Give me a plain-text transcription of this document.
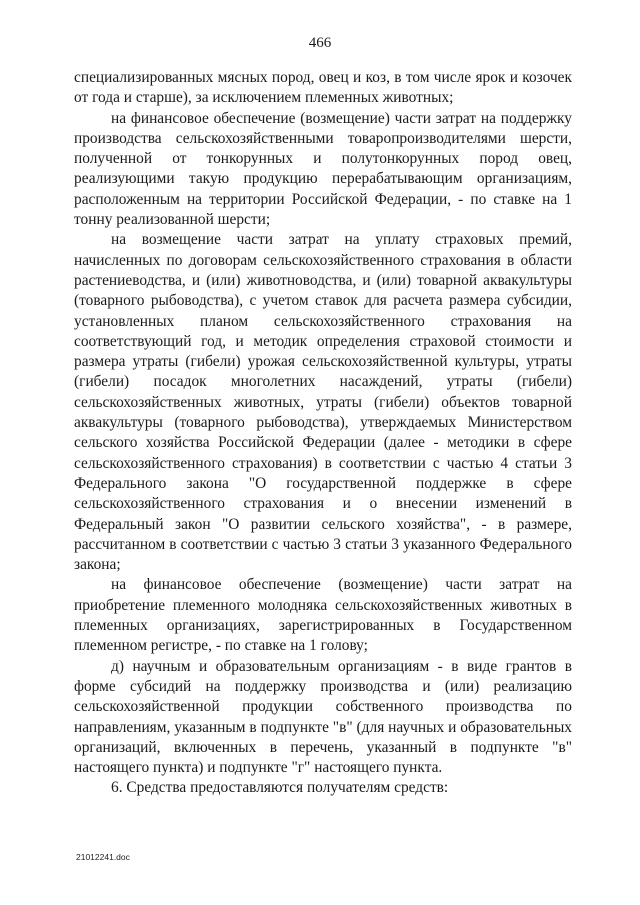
466

специализированных мясных пород, овец и коз, в том числе ярок и козочек от года и старше), за исключением племенных животных;

на финансовое обеспечение (возмещение) части затрат на поддержку производства сельскохозяйственными товаропроизводителями шерсти, полученной от тонкорунных и полутонкорунных пород овец, реализующими такую продукцию перерабатывающим организациям, расположенным на территории Российской Федерации, - по ставке на 1 тонну реализованной шерсти;

на возмещение части затрат на уплату страховых премий, начисленных по договорам сельскохозяйственного страхования в области растениеводства, и (или) животноводства, и (или) товарной аквакультуры (товарного рыбоводства), с учетом ставок для расчета размера субсидии, установленных планом сельскохозяйственного страхования на соответствующий год, и методик определения страховой стоимости и размера утраты (гибели) урожая сельскохозяйственной культуры, утраты (гибели) посадок многолетних насаждений, утраты (гибели) сельскохозяйственных животных, утраты (гибели) объектов товарной аквакультуры (товарного рыбоводства), утверждаемых Министерством сельского хозяйства Российской Федерации (далее - методики в сфере сельскохозяйственного страхования) в соответствии с частью 4 статьи 3 Федерального закона "О государственной поддержке в сфере сельскохозяйственного страхования и о внесении изменений в Федеральный закон "О развитии сельского хозяйства", - в размере, рассчитанном в соответствии с частью 3 статьи 3 указанного Федерального закона;

на финансовое обеспечение (возмещение) части затрат на приобретение племенного молодняка сельскохозяйственных животных в племенных организациях, зарегистрированных в Государственном племенном регистре, - по ставке на 1 голову;

д) научным и образовательным организациям - в виде грантов в форме субсидий на поддержку производства и (или) реализацию сельскохозяйственной продукции собственного производства по направлениям, указанным в подпункте "в" (для научных и образовательных организаций, включенных в перечень, указанный в подпункте "в" настоящего пункта) и подпункте "г" настоящего пункта.

6. Средства предоставляются получателям средств:

21012241.doc
